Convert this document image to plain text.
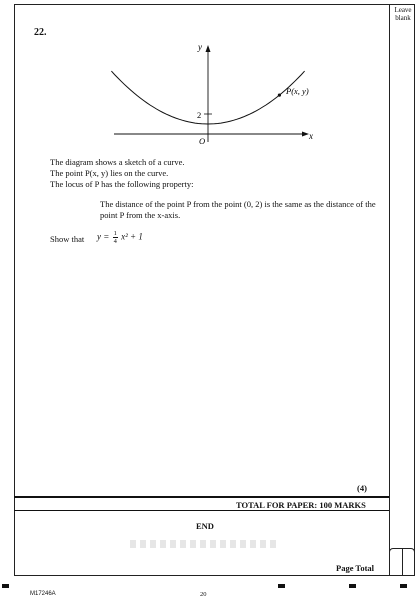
Leave blank
22.
y
x
O
2
P(x, y)
The diagram shows a sketch of a curve.
The point P(x, y) lies on the curve.
The locus of P has the following property:
The distance of the point P from the point (0, 2) is the same as the distance of the point P from the x-axis.
Show that $y = \frac{1}{4} x^2 + 1$
(4)
TOTAL FOR PAPER: 100 MARKS
END
Page Total
M17246A	20
